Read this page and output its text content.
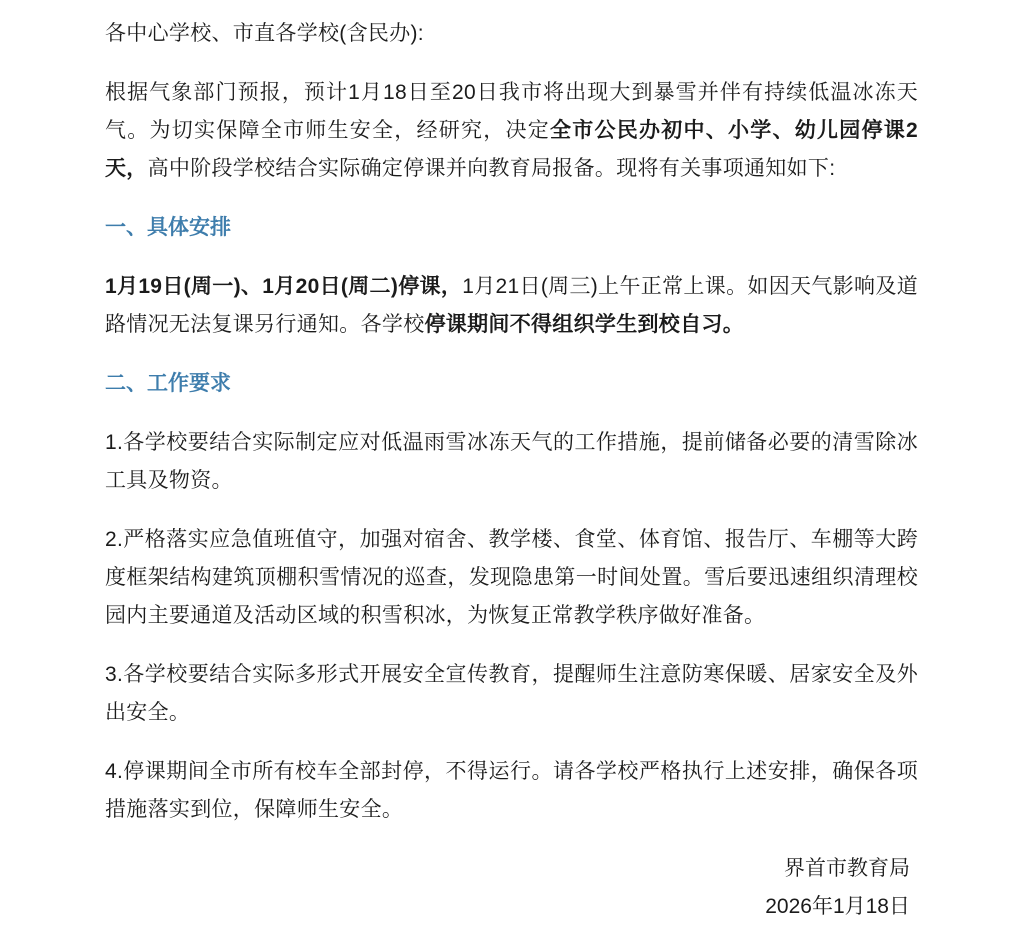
各中心学校、市直各学校(含民办):

根据气象部门预报，预计1月18日至20日我市将出现大到暴雪并伴有持续低温冰冻天气。为切实保障全市师生安全，经研究，决定全市公民办初中、小学、幼儿园停课2天，高中阶段学校结合实际确定停课并向教育局报备。现将有关事项通知如下:

一、具体安排

1月19日(周一)、1月20日(周二)停课，1月21日(周三)上午正常上课。如因天气影响及道路情况无法复课另行通知。各学校停课期间不得组织学生到校自习。

二、工作要求

1.各学校要结合实际制定应对低温雨雪冰冻天气的工作措施，提前储备必要的清雪除冰工具及物资。

2.严格落实应急值班值守，加强对宿舍、教学楼、食堂、体育馆、报告厅、车棚等大跨度框架结构建筑顶棚积雪情况的巡查，发现隐患第一时间处置。雪后要迅速组织清理校园内主要通道及活动区域的积雪积冰，为恢复正常教学秩序做好准备。

3.各学校要结合实际多形式开展安全宣传教育，提醒师生注意防寒保暖、居家安全及外出安全。

4.停课期间全市所有校车全部封停，不得运行。请各学校严格执行上述安排，确保各项措施落实到位，保障师生安全。

界首市教育局
2026年1月18日
